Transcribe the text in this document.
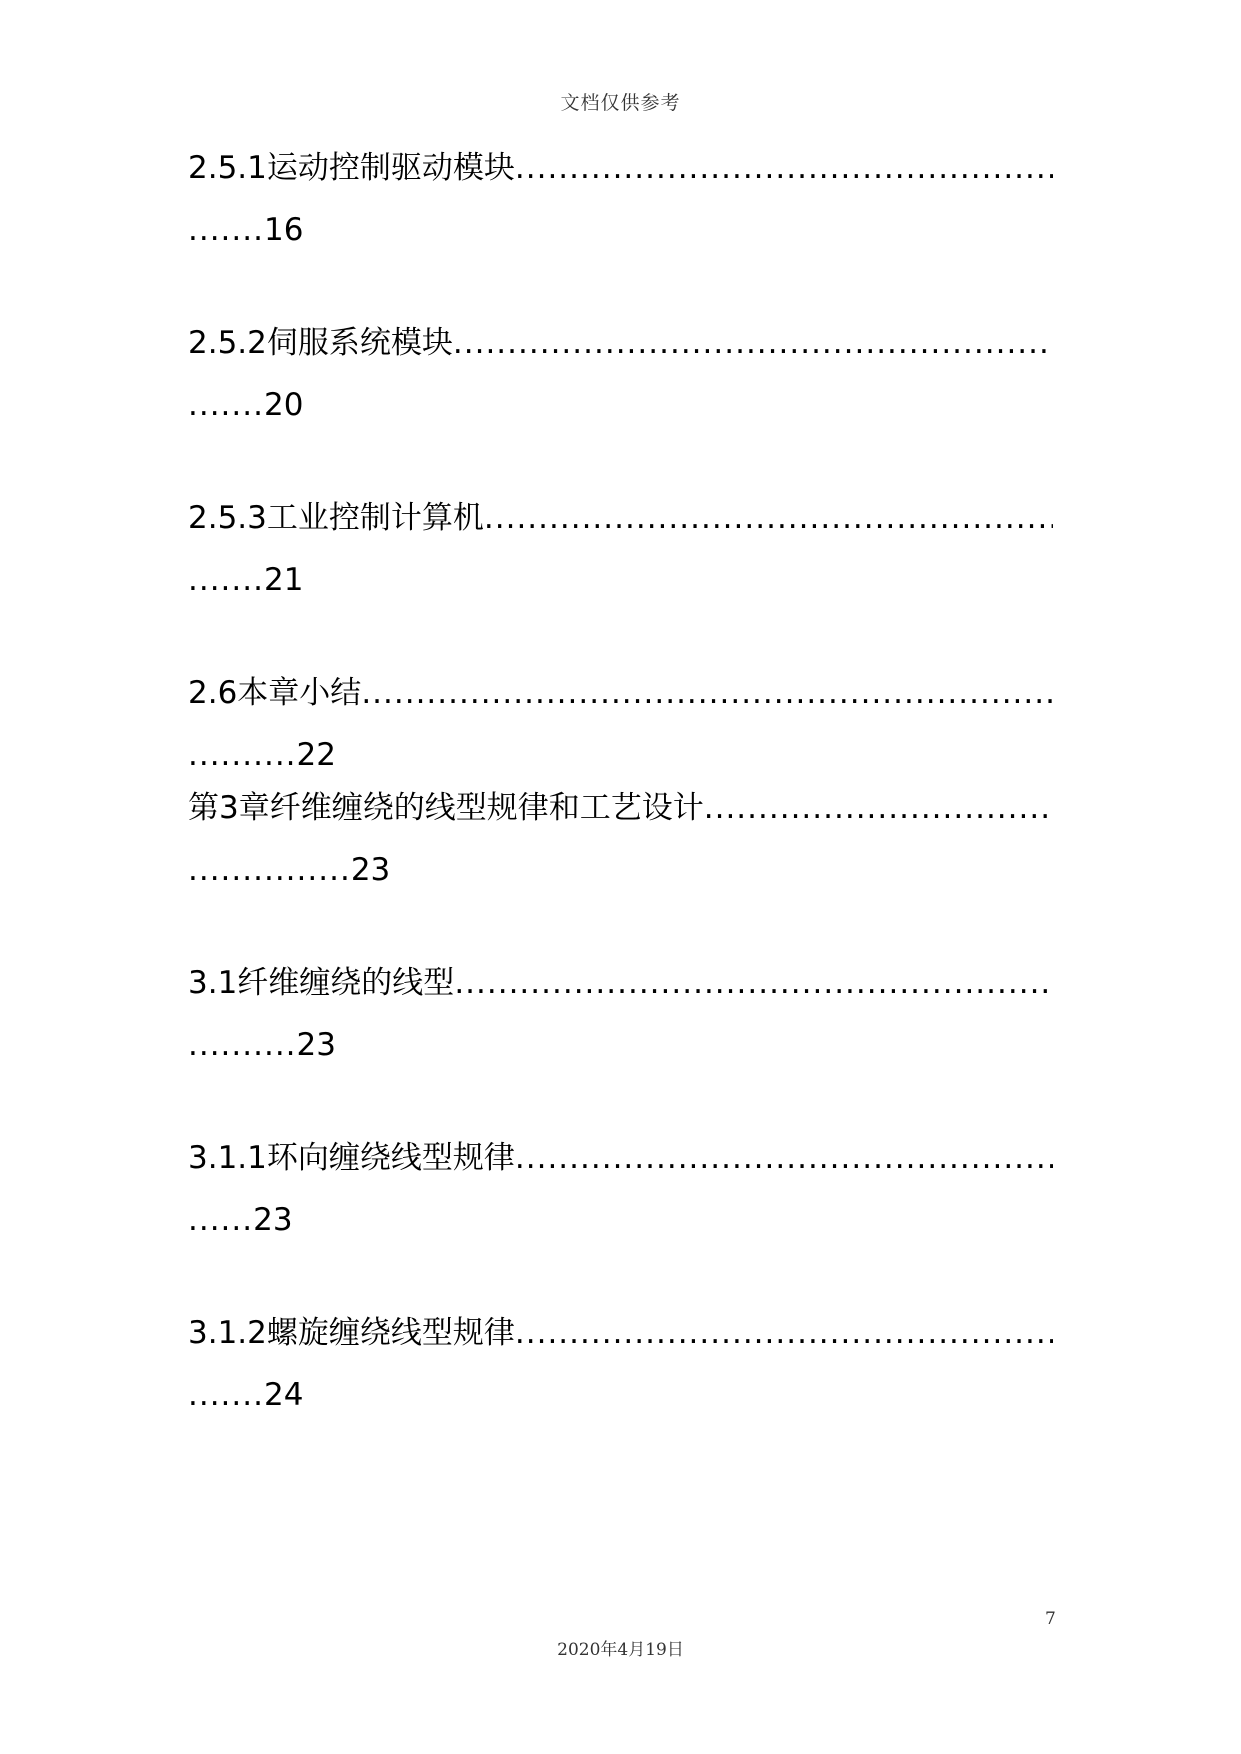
文档仅供参考
2.5.1运动控制驱动模块
.....
.......16
2.5.2伺服系统模块
.....
.......20
2.5.3工业控制计算机
.....
.......21
2.6本章小结
.....
..........22
第3章纤维缠绕的线型规律和工艺设计
.....
...............23
3.1纤维缠绕的线型
.....
..........23
3.1.1环向缠绕线型规律
.....
......23
3.1.2螺旋缠绕线型规律
.....
.......24
7
2020年4月19日
